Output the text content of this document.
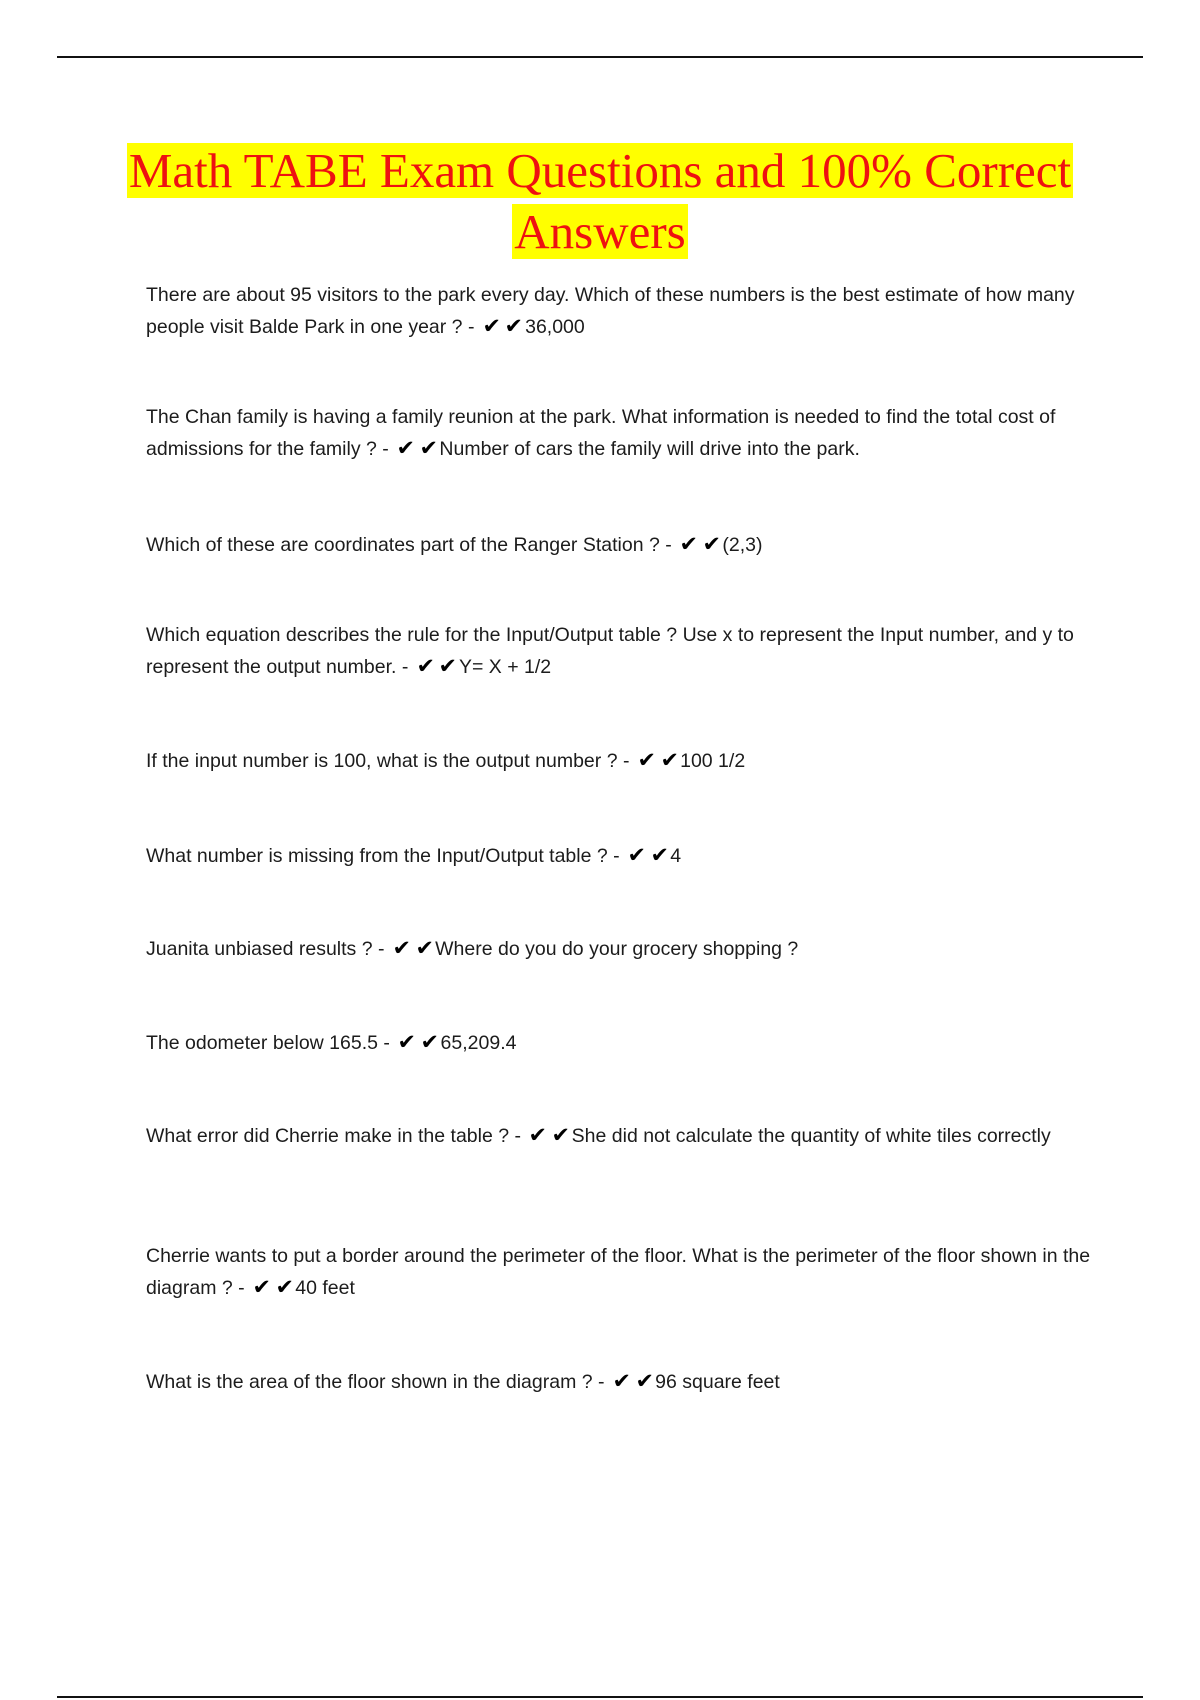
Math TABE Exam Questions and 100% Correct
Answers

There are about 95 visitors to the park every day. Which of these numbers is the best estimate of how many people visit Balde Park in one year ? - ✔ ✔36,000

The Chan family is having a family reunion at the park. What information is needed to find the total cost of admissions for the family ? - ✔ ✔Number of cars the family will drive into the park.

Which of these are coordinates part of the Ranger Station ? - ✔ ✔(2,3)

Which equation describes the rule for the Input/Output table ? Use x to represent the Input number, and y to represent the output number. - ✔ ✔Y= X + 1/2

If the input number is 100, what is the output number ? - ✔ ✔100 1/2

What number is missing from the Input/Output table ? - ✔ ✔4

Juanita unbiased results ? - ✔ ✔Where do you do your grocery shopping ?

The odometer below 165.5 - ✔ ✔65,209.4

What error did Cherrie make in the table ? - ✔ ✔She did not calculate the quantity of white tiles correctly

Cherrie wants to put a border around the perimeter of the floor. What is the perimeter of the floor shown in the diagram ? - ✔ ✔40 feet

What is the area of the floor shown in the diagram ? - ✔ ✔96 square feet
